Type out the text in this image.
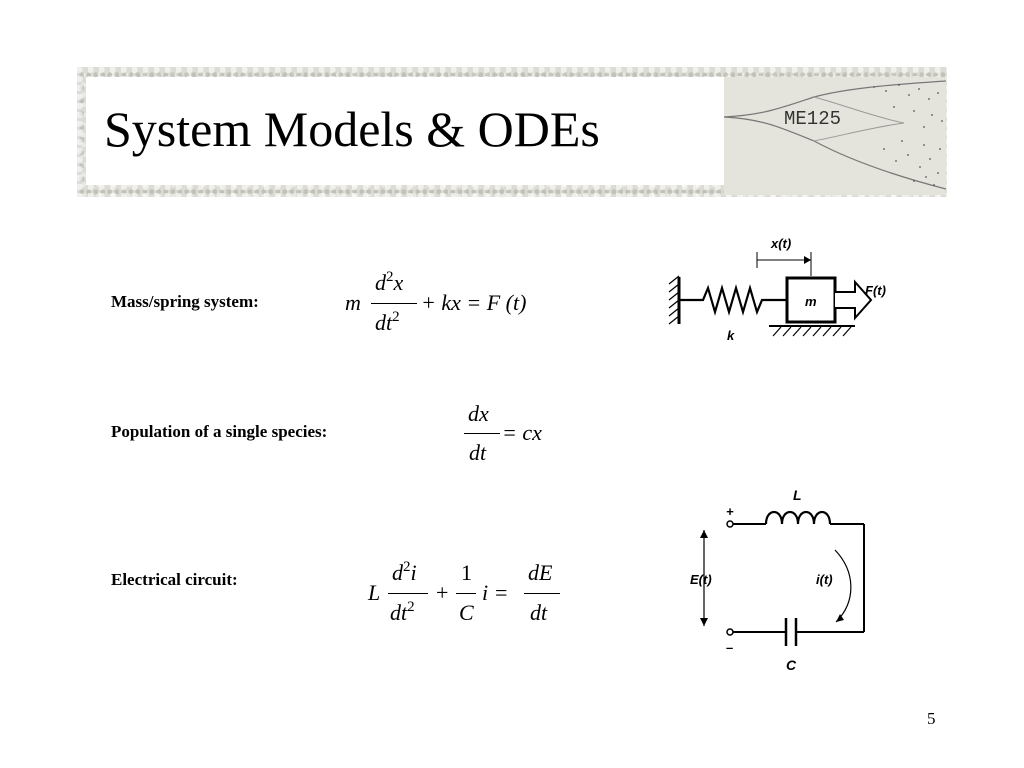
System Models & ODEs	ME125
Mass/spring system:	m
$d^2x$
$dt^2$
+ kx = F (t)
x(t)
m
F(t)
k
Population of a single species:
dx
dt
= cx
Electrical circuit:
L
$d^2i$
$dt^2$
+
1
C
i =
dE
dt
L
+
E(t)	i(t)
–
C
5
